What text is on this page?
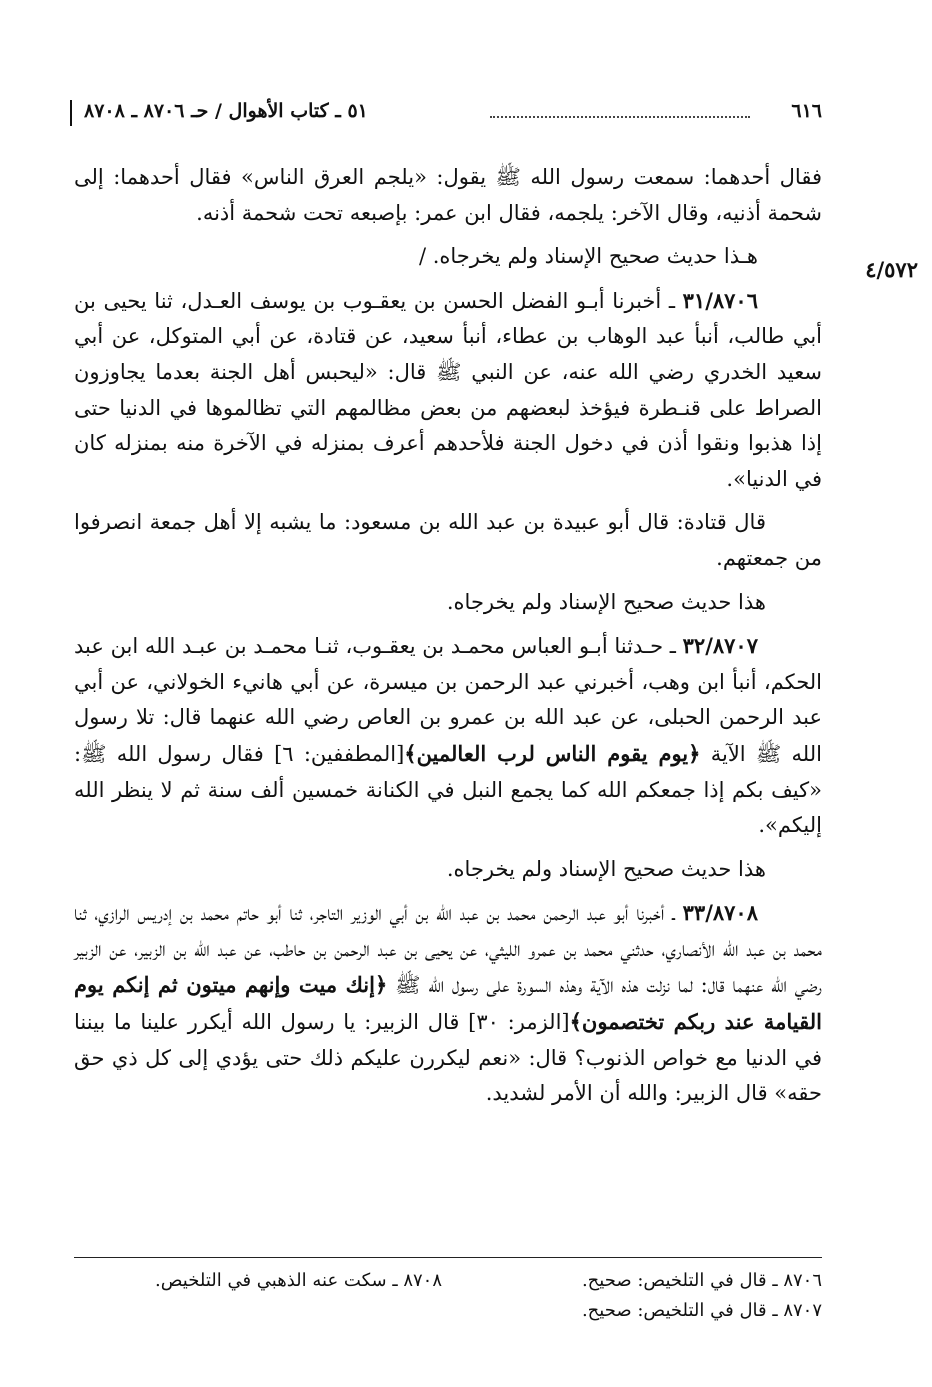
٦١٦
٥١ ـ كتاب الأهوال / حـ ٨٧٠٦ ـ ٨٧٠٨
٤/٥٧٢

فقال أحدهما: سمعت رسول الله ﷺ يقول: «يلجم العرق الناس» فقال أحدهما: إلى شحمة أذنيه، وقال الآخر: يلجمه، فقال ابن عمر: بإصبعه تحت شحمة أذنه.

هـذا حديث صحيح الإسناد ولم يخرجاه. /

٣١/٨٧٠٦ ـ أخبرنا أبـو الفضل الحسن بن يعقـوب بن يوسف العـدل، ثنا يحيى بن أبي طالب، أنبأ عبد الوهاب بن عطاء، أنبأ سعيد، عن قتادة، عن أبي المتوكل، عن أبي سعيد الخدري رضي الله عنه، عن النبي ﷺ قال: «ليحبس أهل الجنة بعدما يجاوزون الصراط على قنـطرة فيؤخذ لبعضهم من بعض مظالمهم التي تظالموها في الدنيا حتى إذا هذبوا ونقوا أذن في دخول الجنة فلأحدهم أعرف بمنزله في الآخرة منه بمنزله كان في الدنيا».

قال قتادة: قال أبو عبيدة بن عبد الله بن مسعود: ما يشبه إلا أهل جمعة انصرفوا من جمعتهم.

هذا حديث صحيح الإسناد ولم يخرجاه.

٣٢/٨٧٠٧ ـ حـدثنا أبـو العباس محمـد بن يعقـوب، ثنـا محمـد بن عبـد الله ابن عبد الحكم، أنبأ ابن وهب، أخبرني عبد الرحمن بن ميسرة، عن أبي هانيء الخولاني، عن أبي عبد الرحمن الحبلى، عن عبد الله بن عمرو بن العاص رضي الله عنهما قال: تلا رسول الله ﷺ الآية ﴿يوم يقوم الناس لرب العالمين﴾[المطففين: ٦] فقال رسول الله ﷺ: «كيف بكم إذا جمعكم الله كما يجمع النبل في الكنانة خمسين ألف سنة ثم لا ينظر الله إليكم».

هذا حديث صحيح الإسناد ولم يخرجاه.

٣٣/٨٧٠٨ ـ أخبرنا أبو عبد الرحمن محمد بن عبد الله بن أبي الوزير التاجر، ثنا أبو حاتم محمد بن إدريس الرازي، ثنا محمد بن عبد الله الأنصاري، حدثني محمد بن عمرو الليثي، عن يحيى بن عبد الرحمن بن حاطب، عن عبد الله بن الزبير، عن الزبير رضي الله عنهما قال: لما نزلت هذه الآية وهذه السورة على رسول الله ﷺ ﴿إنك ميت وإنهم ميتون ثم إنكم يوم القيامة عند ربكم تختصمون﴾[الزمر: ٣٠] قال الزبير: يا رسول الله أيكرر علينا ما بيننا في الدنيا مع خواص الذنوب؟ قال: «نعم ليكررن عليكم ذلك حتى يؤدي إلى كل ذي حق حقه» قال الزبير: والله أن الأمر لشديد.

٨٧٠٦ ـ قال في التلخيص: صحيح.
٨٧٠٧ ـ قال في التلخيص: صحيح.
٨٧٠٨ ـ سكت عنه الذهبي في التلخيص.
